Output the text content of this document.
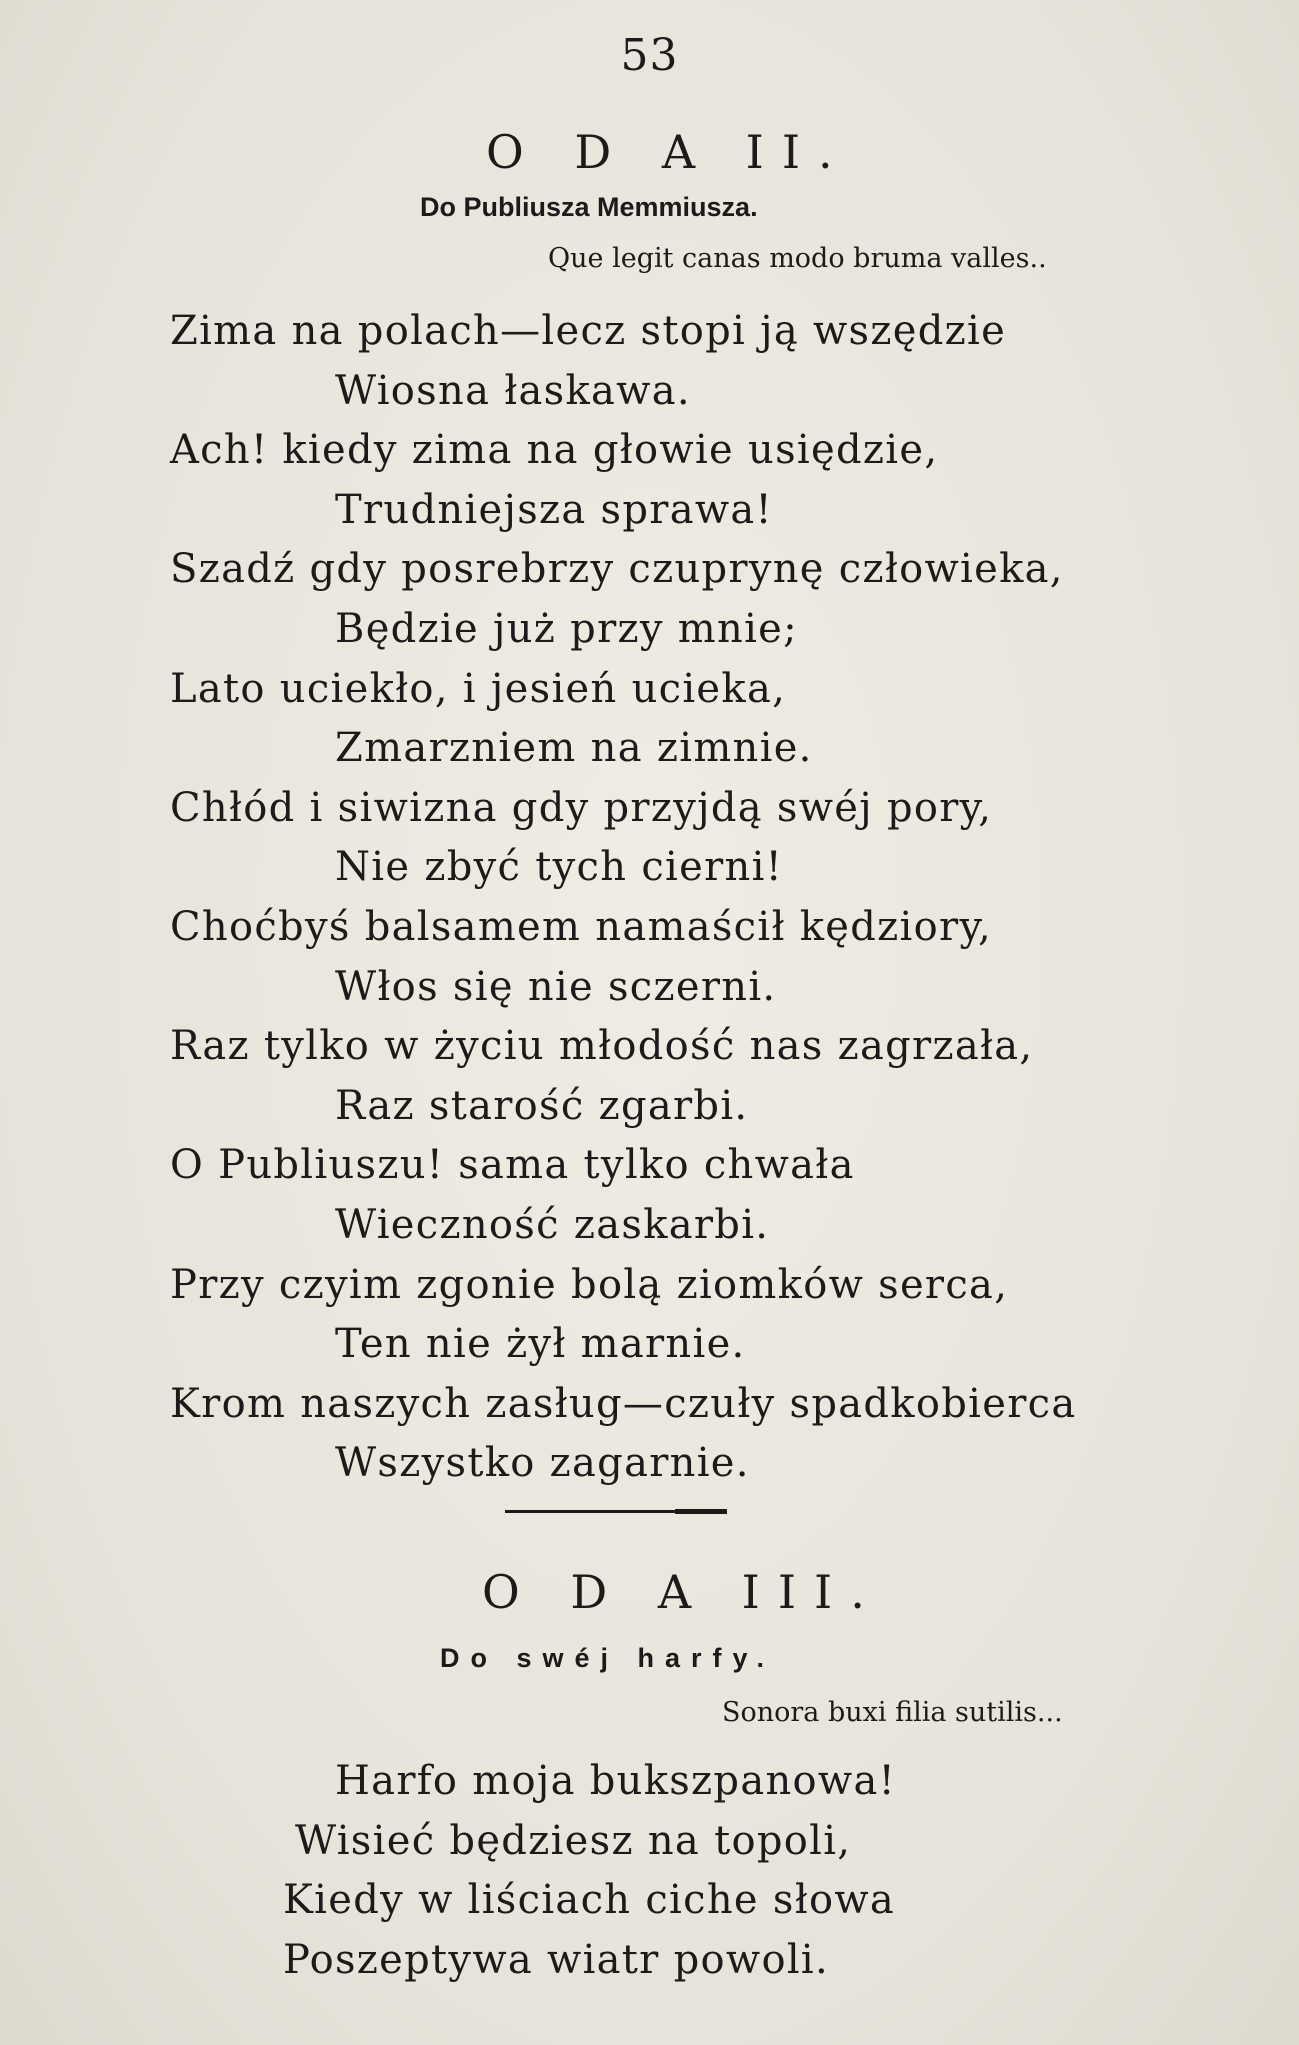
53
O D A II.
Do Publiusza Memmiusza.
Que legit canas modo bruma valles..
Zima na polach—lecz stopi ją wszędzie
Wiosna łaskawa.
Ach! kiedy zima na głowie usiędzie,
Trudniejsza sprawa!
Szadź gdy posrebrzy czuprynę człowieka,
Będzie już przy mnie;
Lato uciekło, i jesień ucieka,
Zmarzniem na zimnie.
Chłód i siwizna gdy przyjdą swéj pory,
Nie zbyć tych cierni!
Choćbyś balsamem namaścił kędziory,
Włos się nie sczerni.
Raz tylko w życiu młodość nas zagrzała,
Raz starość zgarbi.
O Publiuszu! sama tylko chwała
Wieczność zaskarbi.
Przy czyim zgonie bolą ziomków serca,
Ten nie żył marnie.
Krom naszych zasług—czuły spadkobierca
Wszystko zagarnie.
O D A III.
Do swéj harfy.
Sonora buxi filia sutilis...
Harfo moja bukszpanowa!
Wisieć będziesz na topoli,
Kiedy w liściach ciche słowa
Poszeptywa wiatr powoli.
